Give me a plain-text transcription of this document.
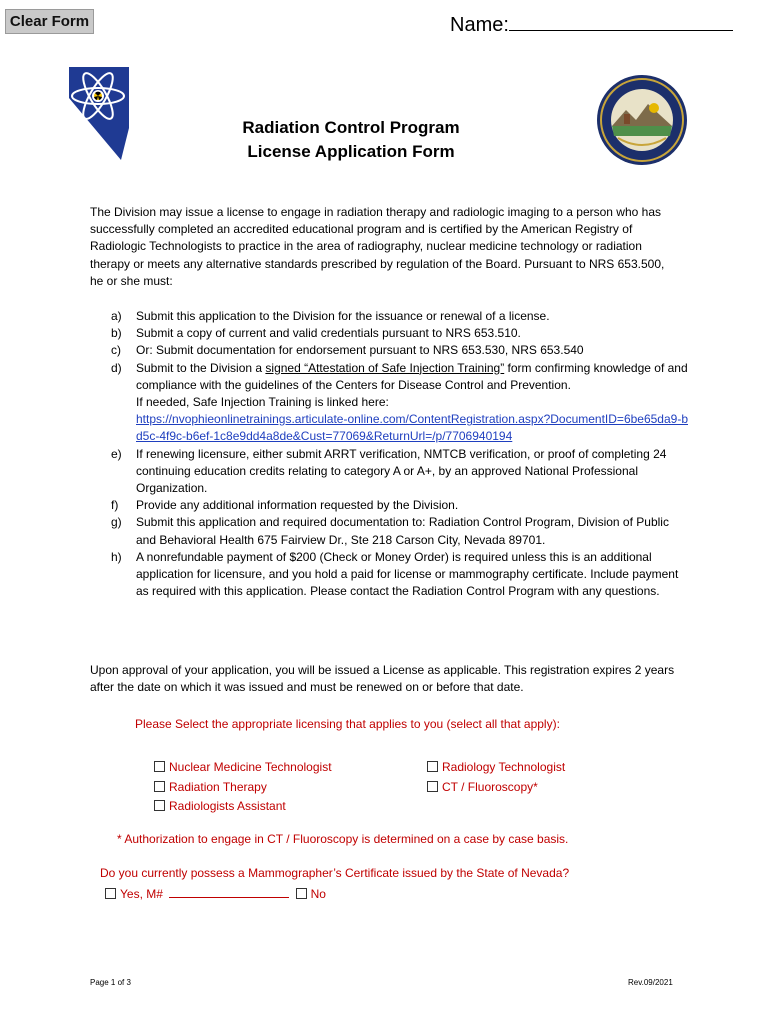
Clear Form	Name:
Radiation Control Program
License Application Form
The Division may issue a license to engage in radiation therapy and radiologic imaging to a person who has successfully completed an accredited educational program and is certified by the American Registry of Radiologic Technologists to practice in the area of radiography, nuclear medicine technology or radiation therapy or meets any alternative standards prescribed by regulation of the Board. Pursuant to NRS 653.500, he or she must:
a) Submit this application to the Division for the issuance or renewal of a license.
b) Submit a copy of current and valid credentials pursuant to NRS 653.510.
c) Or: Submit documentation for endorsement pursuant to NRS 653.530, NRS 653.540
d) Submit to the Division a signed “Attestation of Safe Injection Training” form confirming knowledge of and compliance with the guidelines of the Centers for Disease Control and Prevention.
If needed, Safe Injection Training is linked here:
https://nvophieonlinetrainings.articulate-online.com/ContentRegistration.aspx?DocumentID=6be65da9-bd5c-4f9c-b6ef-1c8e9dd4a8de&Cust=77069&ReturnUrl=/p/7706940194
e) If renewing licensure, either submit ARRT verification, NMTCB verification, or proof of completing 24 continuing education credits relating to category A or A+, by an approved National Professional Organization.
f) Provide any additional information requested by the Division.
g) Submit this application and required documentation to: Radiation Control Program, Division of Public and Behavioral Health 675 Fairview Dr., Ste 218 Carson City, Nevada 89701.
h) A nonrefundable payment of $200 (Check or Money Order) is required unless this is an additional application for licensure, and you hold a paid for license or mammography certificate. Include payment as required with this application. Please contact the Radiation Control Program with any questions.
Upon approval of your application, you will be issued a License as applicable. This registration expires 2 years after the date on which it was issued and must be renewed on or before that date.
Please Select the appropriate licensing that applies to you (select all that apply):
Nuclear Medicine Technologist
Radiation Therapy
Radiologists Assistant
Radiology Technologist
CT / Fluoroscopy*
* Authorization to engage in CT / Fluoroscopy is determined on a case by case basis.
Do you currently possess a Mammographer’s Certificate issued by the State of Nevada?
Yes, M#	No
Page 1 of 3	Rev.09/2021
